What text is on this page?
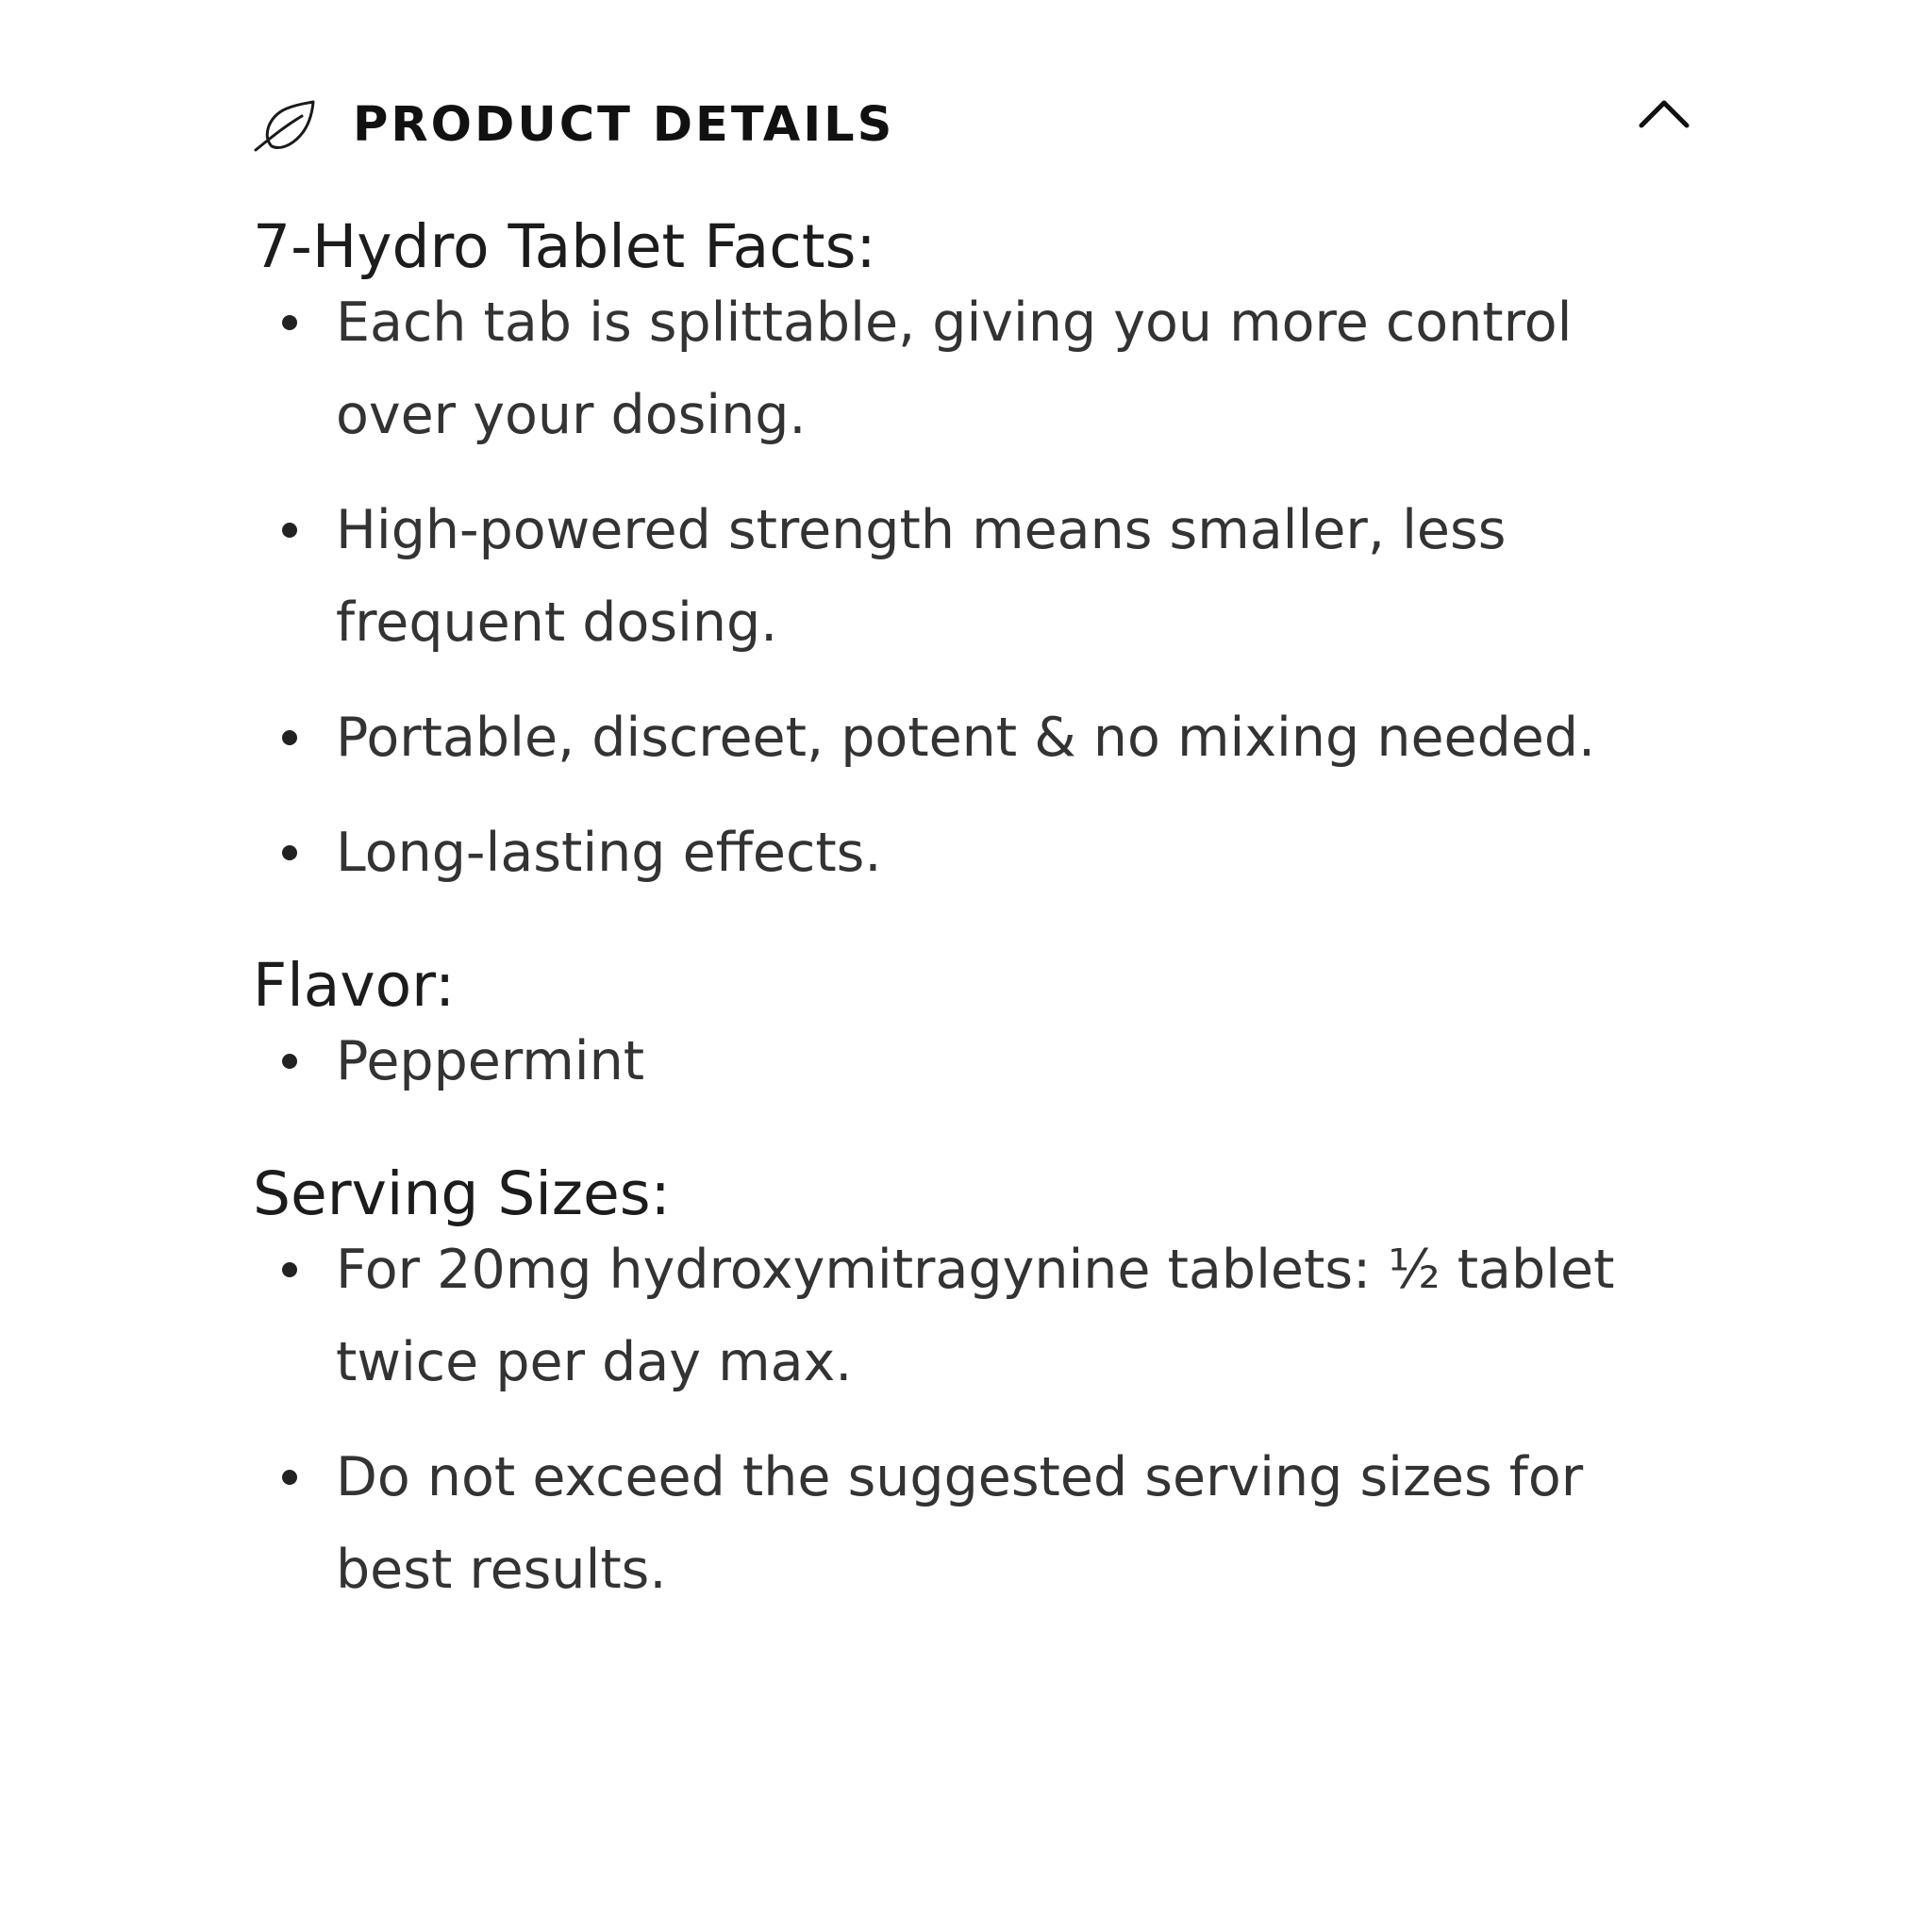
PRODUCT DETAILS
7-Hydro Tablet Facts:
Each tab is splittable, giving you more control
over your dosing.
High-powered strength means smaller, less
frequent dosing.
Portable, discreet, potent & no mixing needed.
Long-lasting effects.
Flavor:
Peppermint
Serving Sizes:
For 20mg hydroxymitragynine tablets: ½ tablet
twice per day max.
Do not exceed the suggested serving sizes for
best results.
